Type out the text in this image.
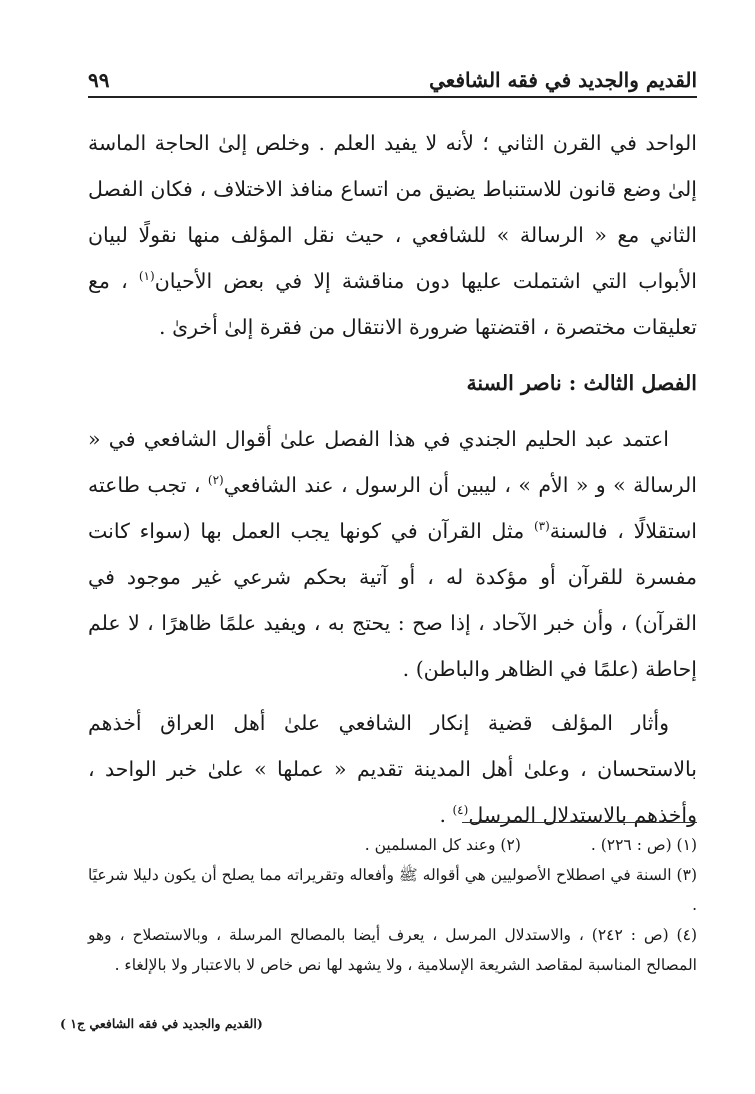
القديم والجديد في فقه الشافعي
٩٩

الواحد في القرن الثاني ؛ لأنه لا يفيد العلم . وخلص إلىٰ الحاجة الماسة إلىٰ وضع قانون للاستنباط يضيق من اتساع منافذ الاختلاف ، فكان الفصل الثاني مع « الرسالة » للشافعي ، حيث نقل المؤلف منها نقولًا لبيان الأبواب التي اشتملت عليها دون مناقشة إلا في بعض الأحيان$^{(١)}$ ، مع تعليقات مختصرة ، اقتضتها ضرورة الانتقال من فقرة إلىٰ أخرىٰ .

الفصل الثالث : ناصر السنة

اعتمد عبد الحليم الجندي في هذا الفصل علىٰ أقوال الشافعي في « الرسالة » و « الأم » ، ليبين أن الرسول ، عند الشافعي$^{(٢)}$ ، تجب طاعته استقلالًا ، فالسنة$^{(٣)}$ مثل القرآن في كونها يجب العمل بها (سواء كانت مفسرة للقرآن أو مؤكدة له ، أو آتية بحكم شرعي غير موجود في القرآن) ، وأن خبر الآحاد ، إذا صح : يحتج به ، ويفيد علمًا ظاهرًا ، لا علم إحاطة (علمًا في الظاهر والباطن) .

وأثار المؤلف قضية إنكار الشافعي علىٰ أهل العراق أخذهم بالاستحسان ، وعلىٰ أهل المدينة تقديم « عملها » علىٰ خبر الواحد ، وأخذهم بالاستدلال المرسل$^{(٤)}$ .

(١) (ص : ٢٢٦) .

(٢) وعند كل المسلمين .

(٣) السنة في اصطلاح الأصوليين هي أقواله ﷺ وأفعاله وتقريراته مما يصلح أن يكون دليلا شرعيًا .

(٤) (ص : ٢٤٢) ، والاستدلال المرسل ، يعرف أيضا بالمصالح المرسلة ، وبالاستصلاح ، وهو المصالح المناسبة لمقاصد الشريعة الإسلامية ، ولا يشهد لها نص خاص لا بالاعتبار ولا بالإلغاء .

(القديم والجديد في فقه الشافعي ج١ )
